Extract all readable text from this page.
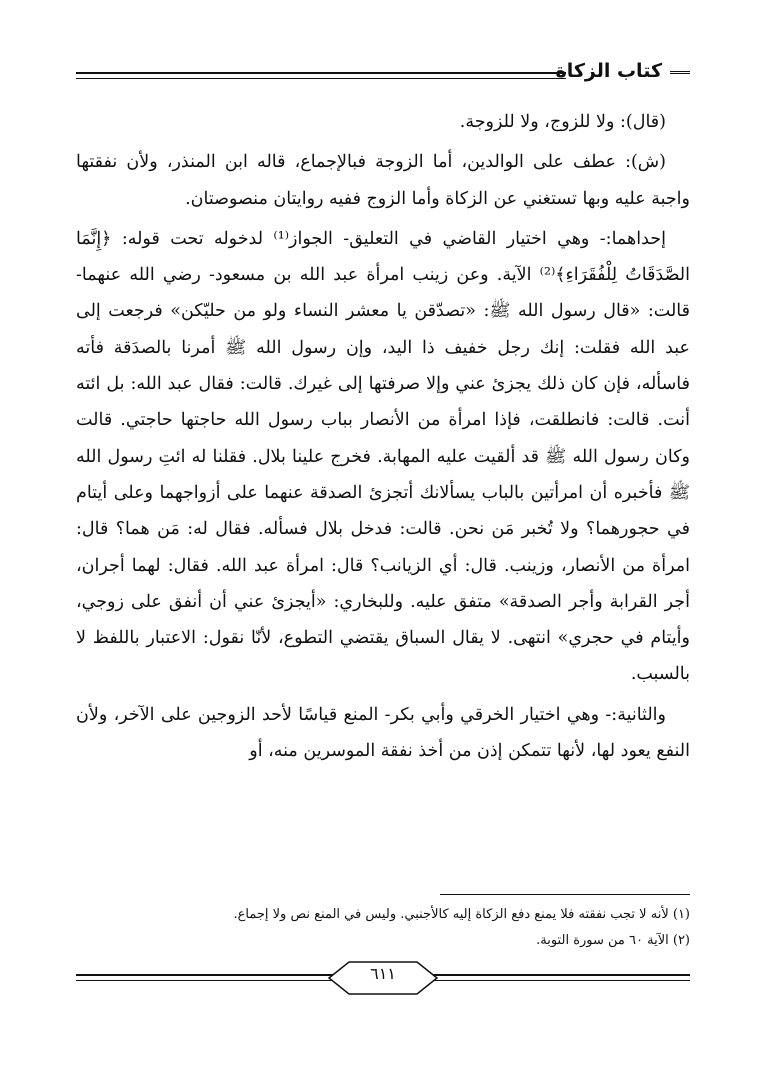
كتاب الزكاة

(قال): ولا للزوج، ولا للزوجة.

(ش): عطف على الوالدين، أما الزوجة فبالإجماع، قاله ابن المنذر، ولأن نفقتها واجبة عليه وبها تستغني عن الزكاة وأما الزوج ففيه روايتان منصوصتان.

إحداهما:- وهي اختيار القاضي في التعليق- الجواز⁽¹⁾ لدخوله تحت قوله: ﴿إِنَّمَا الصَّدَقَاتُ لِلْفُقَرَاءِ﴾⁽²⁾ الآية. وعن زينب امرأة عبد الله بن مسعود- رضي الله عنهما- قالت: «قال رسول الله ﷺ: «تصدّقن يا معشر النساء ولو من حليّكن» فرجعت إلى عبد الله فقلت: إنك رجل خفيف ذا اليد، وإن رسول الله ﷺ أمرنا بالصدَقة فأته فاسأله، فإن كان ذلك يجزئ عني وإلا صرفتها إلى غيرك. قالت: فقال عبد الله: بل ائته أنت. قالت: فانطلقت، فإذا امرأة من الأنصار بباب رسول الله حاجتها حاجتي. قالت وكان رسول الله ﷺ قد ألقيت عليه المهابة. فخرج علينا بلال. فقلنا له ائتِ رسول الله ﷺ فأخبره أن امرأتين بالباب يسألانك أتجزئ الصدقة عنهما على أزواجهما وعلى أيتام في حجورهما؟ ولا تُخبر مَن نحن. قالت: فدخل بلال فسأله. فقال له: مَن هما؟ قال: امرأة من الأنصار، وزينب. قال: أي الزيانب؟ قال: امرأة عبد الله. فقال: لهما أجران، أجر القرابة وأجر الصدقة» متفق عليه. وللبخاري: «أيجزئ عني أن أنفق على زوجي، وأيتام في حجري» انتهى. لا يقال السباق يقتضي التطوع، لأنّا نقول: الاعتبار باللفظ لا بالسبب.

والثانية:- وهي اختيار الخرقي وأبي بكر- المنع قياسًا لأحد الزوجين على الآخر، ولأن النفع يعود لها، لأنها تتمكن إذن من أخذ نفقة الموسرين منه، أو

(١) لأنه لا تجب نفقته فلا يمنع دفع الزكاة إليه كالأجنبي. وليس في المنع نص ولا إجماع.

(٢) الآية ٦٠ من سورة التوبة.

٦١١
